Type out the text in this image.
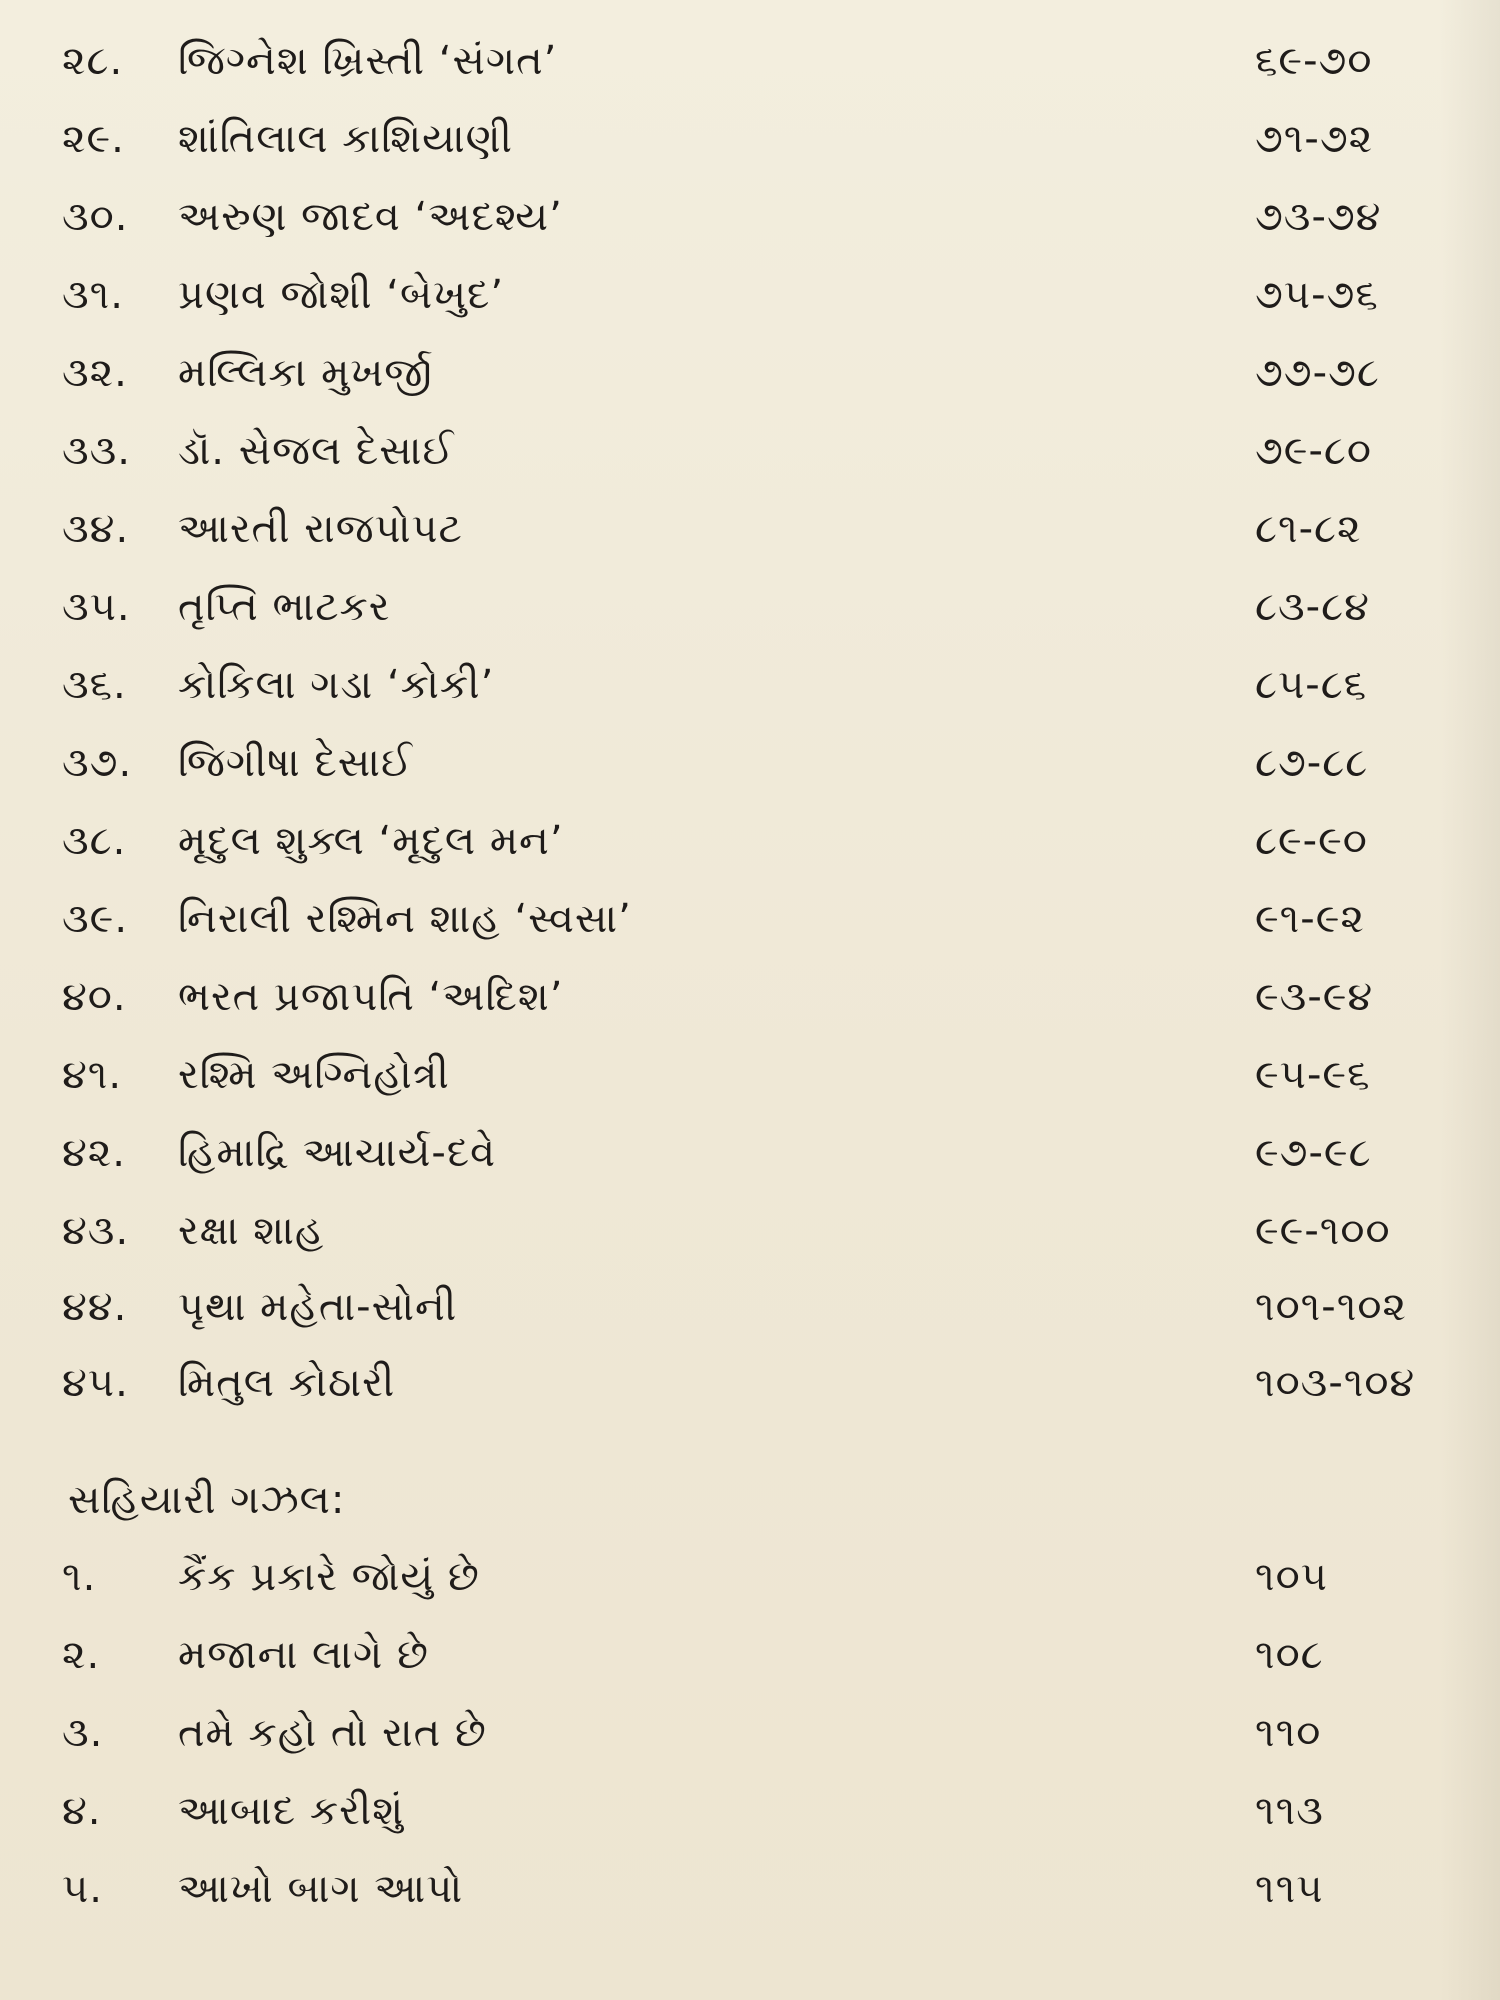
૨૮. જિગ્નેશ ખ્રિસ્તી ‘સંગત’	૬૯-૭૦
૨૯. શાંતિલાલ કાશિયાણી	૭૧-૭૨
૩૦. અરુણ જાદવ ‘અદશ્ય’	૭૩-૭૪
૩૧. પ્રણવ જોશી ‘બેખુદ’	૭૫-૭૬
૩૨. મલ્લિકા મુખર્જી	૭૭-૭૮
૩૩. ડૉ. સેજલ દેસાઈ	૭૯-૮૦
૩૪. આરતી રાજપોપટ	૮૧-૮૨
૩૫. તૃપ્તિ ભાટકર	૮૩-૮૪
૩૬. કોકિલા ગડા ‘કોકી’	૮૫-૮૬
૩૭. જિગીષા દેસાઈ	૮૭-૮૮
૩૮. મૃદુલ શુક્લ ‘મૃદુલ મન’	૮૯-૯૦
૩૯. નિરાલી રશ્મિન શાહ ‘સ્વસા’	૯૧-૯૨
૪૦. ભરત પ્રજાપતિ ‘અદિશ’	૯૩-૯૪
૪૧. રશ્મિ અગ્નિહોત્રી	૯૫-૯૬
૪૨. હિમાદ્રિ આચાર્ય-દવે	૯૭-૯૮
૪૩. રક્ષા શાહ	૯૯-૧૦૦
૪૪. પૃથા મહેતા-સોની	૧૦૧-૧૦૨
૪૫. મિતુલ કોઠારી	૧૦૩-૧૦૪
સહિયારી ગઝલ:
૧. કૈંક પ્રકારે જોયું છે	૧૦૫
૨. મજાના લાગે છે	૧૦૮
૩. તમે કહો તો રાત છે	૧૧૦
૪. આબાદ કરીશું	૧૧૩
૫. આખો બાગ આપો	૧૧૫
